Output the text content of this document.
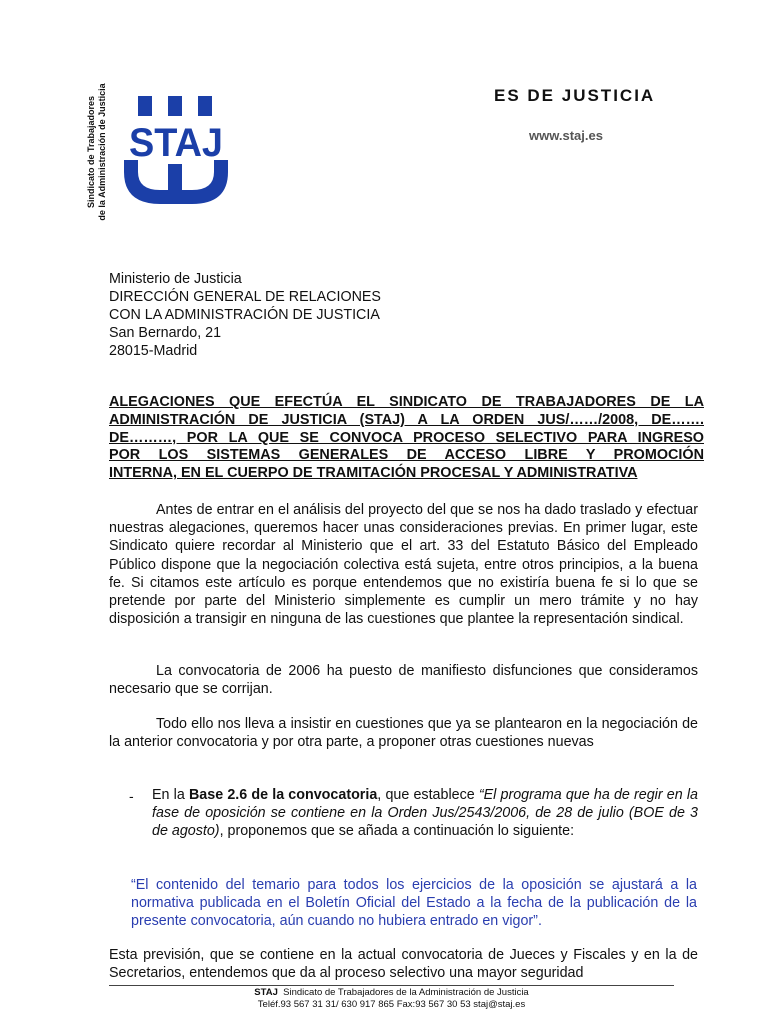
Sindicato de Trabajadores de la Administración de Justicia STAJ
ES DE JUSTICIA
www.staj.es
Ministerio de Justicia
DIRECCIÓN GENERAL DE RELACIONES
CON LA ADMINISTRACIÓN DE JUSTICIA
San Bernardo, 21
28015-Madrid
ALEGACIONES QUE EFECTÚA EL SINDICATO DE TRABAJADORES DE LA
ADMINISTRACIÓN DE JUSTICIA (STAJ) A LA ORDEN JUS/……/2008, DE…….
DE………, POR LA QUE SE CONVOCA PROCESO SELECTIVO PARA INGRESO
POR LOS SISTEMAS GENERALES DE ACCESO LIBRE Y PROMOCIÓN
INTERNA, EN EL CUERPO DE TRAMITACIÓN PROCESAL Y ADMINISTRATIVA

Antes de entrar en el análisis del proyecto del que se nos ha dado traslado y efectuar nuestras alegaciones, queremos hacer unas consideraciones previas. En primer lugar, este Sindicato quiere recordar al Ministerio que el art. 33 del Estatuto Básico del Empleado Público dispone que la negociación colectiva está sujeta, entre otros principios, a la buena fe. Si citamos este artículo es porque entendemos que no existiría buena fe si lo que se pretende por parte del Ministerio simplemente es cumplir un mero trámite y no hay disposición a transigir en ninguna de las cuestiones que plantee la representación sindical.

La convocatoria de 2006 ha puesto de manifiesto disfunciones que consideramos necesario que se corrijan.

Todo ello nos lleva a insistir en cuestiones que ya se plantearon en la negociación de la anterior convocatoria y por otra parte, a proponer otras cuestiones nuevas

- En la Base 2.6 de la convocatoria, que establece “El programa que ha de regir en la fase de oposición se contiene en la Orden Jus/2543/2006, de 28 de julio (BOE de 3 de agosto), proponemos que se añada a continuación lo siguiente:

“El contenido del temario para todos los ejercicios de la oposición se ajustará a la normativa publicada en el Boletín Oficial del Estado a la fecha de la publicación de la presente convocatoria, aún cuando no hubiera entrado en vigor”.

Esta previsión, que se contiene en la actual convocatoria de Jueces y Fiscales y en la de Secretarios, entendemos que da al proceso selectivo una mayor seguridad

STAJ Sindicato de Trabajadores de la Administración de Justicia
Teléf.93 567 31 31/ 630 917 865 Fax:93 567 30 53 staj@staj.es
